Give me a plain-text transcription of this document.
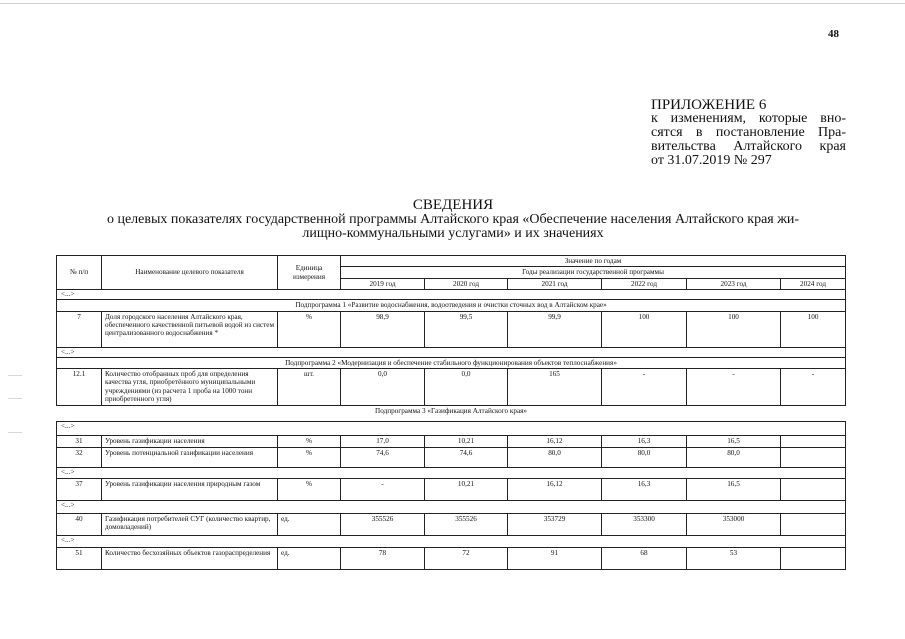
48
ПРИЛОЖЕНИЕ 6
к изменениям, которые вно-
сятся в постановление Пра-
вительства Алтайского края
от 31.07.2019 № 297
СВЕДЕНИЯ
о целевых показателях государственной программы Алтайского края «Обеспечение населения Алтайского края жи-
лищно-коммунальными услугами» и их значениях
№ п/п	Наименование целевого показателя	Единица измерения	Значение по годам					
			Годы реализации государственной программы					
			2019 год	2020 год	2021 год	2022 год	2023 год	2024 год
<...>								
Подпрограмма 1 «Развитие водоснабжения, водоотведения и очистки сточных вод в Алтайском крае»								
7	Доля городского населения Алтайского края, обеспеченного качественной питьевой водой из систем централизованного водоснабжения *	%	98,9	99,5	99,9	100	100	100
<...>								
Подпрограмма 2 «Модернизация и обеспечение стабильного функционирования объектов теплоснабжения»								
12.1	Количество отобранных проб для определения качества угля, приобретённого муниципальными учреждениями (из расчета 1 проба на 1000 тонн приобретенного угля)	шт.	0,0	0,0	165	-	-	-
Подпрограмма 3 «Газификация Алтайского края»								
<...>								
31	Уровень газификации населения	%	17,0	10,21	16,12	16,3	16,5	
32	Уровень потенциальной газификации населения	%	74,6	74,6	80,0	80,0	80,0	
<...>								
37	Уровень газификации населения природным газом	%	-	10,21	16,12	16,3	16,5	
<...>								
40	Газификация потребителей СУГ (количество квартир, домовладений)	ед.	355526	355526	353729	353300	353000	
<...>								
51	Количество бесхозяйных объектов газораспределения	ед.	78	72	91	68	53	
